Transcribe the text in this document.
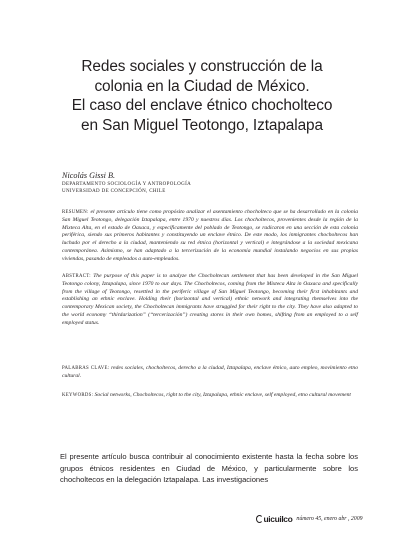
Redes sociales y construcción de la
colonia en la Ciudad de México.
El caso del enclave étnico chocholteco
en San Miguel Teotongo, Iztapalapa
Nicolás Gissi B.
DEPARTAMENTO SOCIOLOGÍA Y ANTROPOLOGÍA
UNIVERSIDAD DE CONCEPCIÓN, CHILE
RESUMEN: el presente artículo tiene como propósito analizar el asentamiento chocholteco que se ha desarrollado en la colonia San Miguel Teotongo, delegación Iztapalapa, entre 1970 y nuestros días. Los chocholtecos, provenientes desde la región de la Mixteca Alta, en el estado de Oaxaca, y específicamente del poblado de Teotongo, se radicaron en una sección de esta colonia periférica, siendo sus primeros habitantes y constituyendo un enclave étnico. De este modo, los inmigrantes chocholtecos han luchado por el derecho a la ciudad, manteniendo su red étnica (horizontal y vertical) e integrándose a la sociedad mexicana contemporánea. Asimismo, se han adaptado a la tercerización de la economía mundial instalando negocios en sus propias viviendas, pasando de empleados a auto-empleados.
ABSTRACT: The purpose of this paper is to analyze the Chocholtecan settlement that has been developed in the San Miguel Teotongo colony, Iztapalapa, since 1970 to our days. The Chocholtecos, coming from the Mixteca Alta in Oaxaca and specifically from the village of Teotongo, resettled in the periferic village of San Miguel Teotongo, becoming their first inhabitants and establishing an ethnic enclave. Holding their (horizontal and vertical) ethnic network and integrating themselves into the contemporary Mexican society, the Chocholtecan immigrants have struggled for their right to the city. They have also adapted to the world economy “thirdarization” (“tercerización”) creating stores in their own homes, shifting from an employed to a self employed status.
PALABRAS CLAVE: redes sociales, chocholtecos, derecho a la ciudad, Iztapalapa, enclave étnico, auto empleo, movimiento etno cultural.
KEYWORDS: Social networks, Chocholtecos, right to the city, Iztapalapa, ethnic enclave, self employed, etno cultural movement
El presente artículo busca contribuir al conocimiento existente hasta la fecha sobre los grupos étnicos residentes en Ciudad de México, y particularmente sobre los chocholtecos en la delegación Iztapalapa. Las investigaciones
uicuilco número 45, enero abr , 2009
